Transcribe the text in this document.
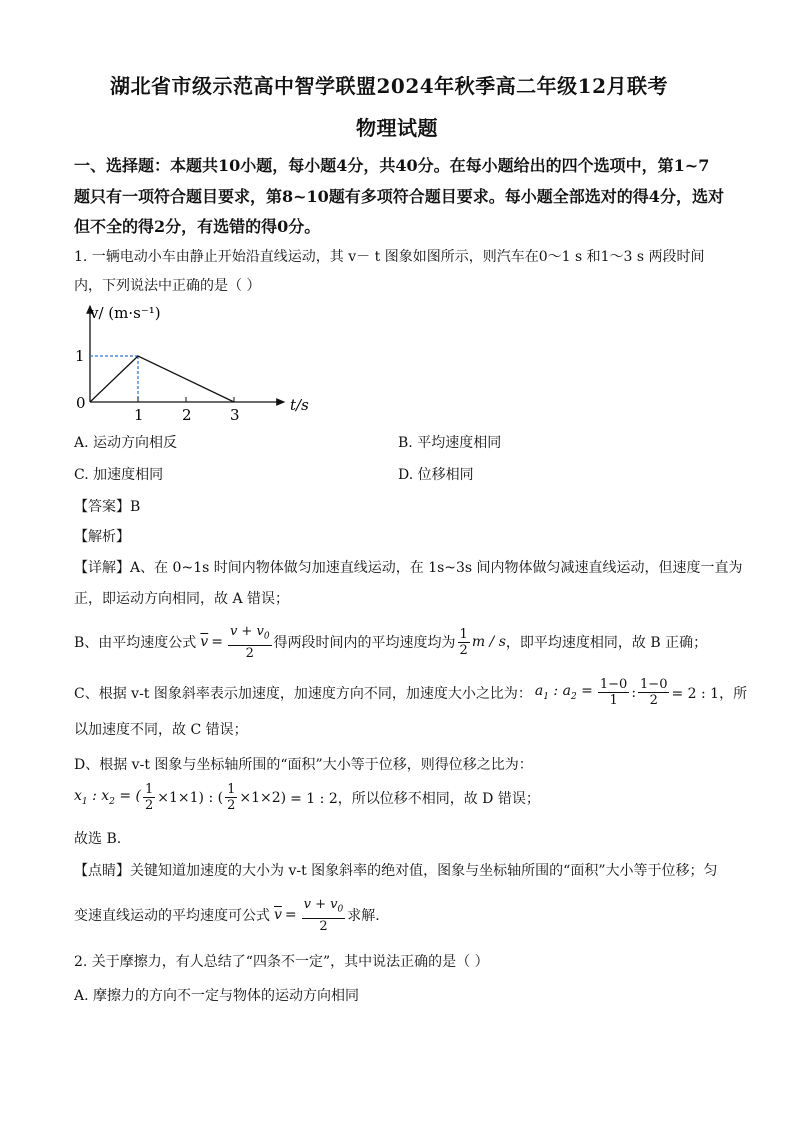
湖北省市级示范高中智学联盟2024年秋季高二年级12月联考
物理试题
一、选择题：本题共10小题，每小题4分，共40分。在每小题给出的四个选项中，第1~7
题只有一项符合题目要求，第8~10题有多项符合题目要求。每小题全部选对的得4分，选对
但不全的得2分，有选错的得0分。
1. 一辆电动小车由静止开始沿直线运动，其 v－ t 图象如图所示，则汽车在0～1 s 和1～3 s 两段时间
内，下列说法中正确的是（ ）
1	2	3
1
v/ (m·s⁻¹)
t/s
0
A. 运动方向相反	B. 平均速度相同
C. 加速度相同	D. 位移相同
【答案】B
【解析】
【详解】A、在 0~1s 时间内物体做匀加速直线运动，在 1s~3s 间内物体做匀减速直线运动，但速度一直为
正，即运动方向相同，故 A 错误；
B、由平均速度公式 $\overline{v} = \frac{v + v_0}{2}$ 得两段时间内的平均速度均为 $\frac{1}{2}$ m / s ，即平均速度相同，故 B 正确；
C、根据 v-t 图象斜率表示加速度，加速度方向不同，加速度大小之比为： $a_1$ : $a_2 = \frac{1-0}{1}$ : $\frac{1-0}{2} = 2$ : 1，所
以加速度不同，故 C 错误；
D、根据 v-t 图象与坐标轴所围的“面积”大小等于位移，则得位移之比为：
$x_1$ : $x_2$ = ( $\frac{1}{2} \times 1\times 1$) : ( $\frac{1}{2} \times 1\times 2) = 1$ : 2，所以位移不相同，故 D 错误；
故选 B.
【点睛】关键知道加速度的大小为 v-t 图象斜率的绝对值，图象与坐标轴所围的“面积”大小等于位移；匀
变速直线运动的平均速度可公式 $\overline{v} = \frac{v + v_0}{2}$ 求解.
2. 关于摩擦力，有人总结了“四条不一定”，其中说法正确的是（ ）
A. 摩擦力的方向不一定与物体的运动方向相同
